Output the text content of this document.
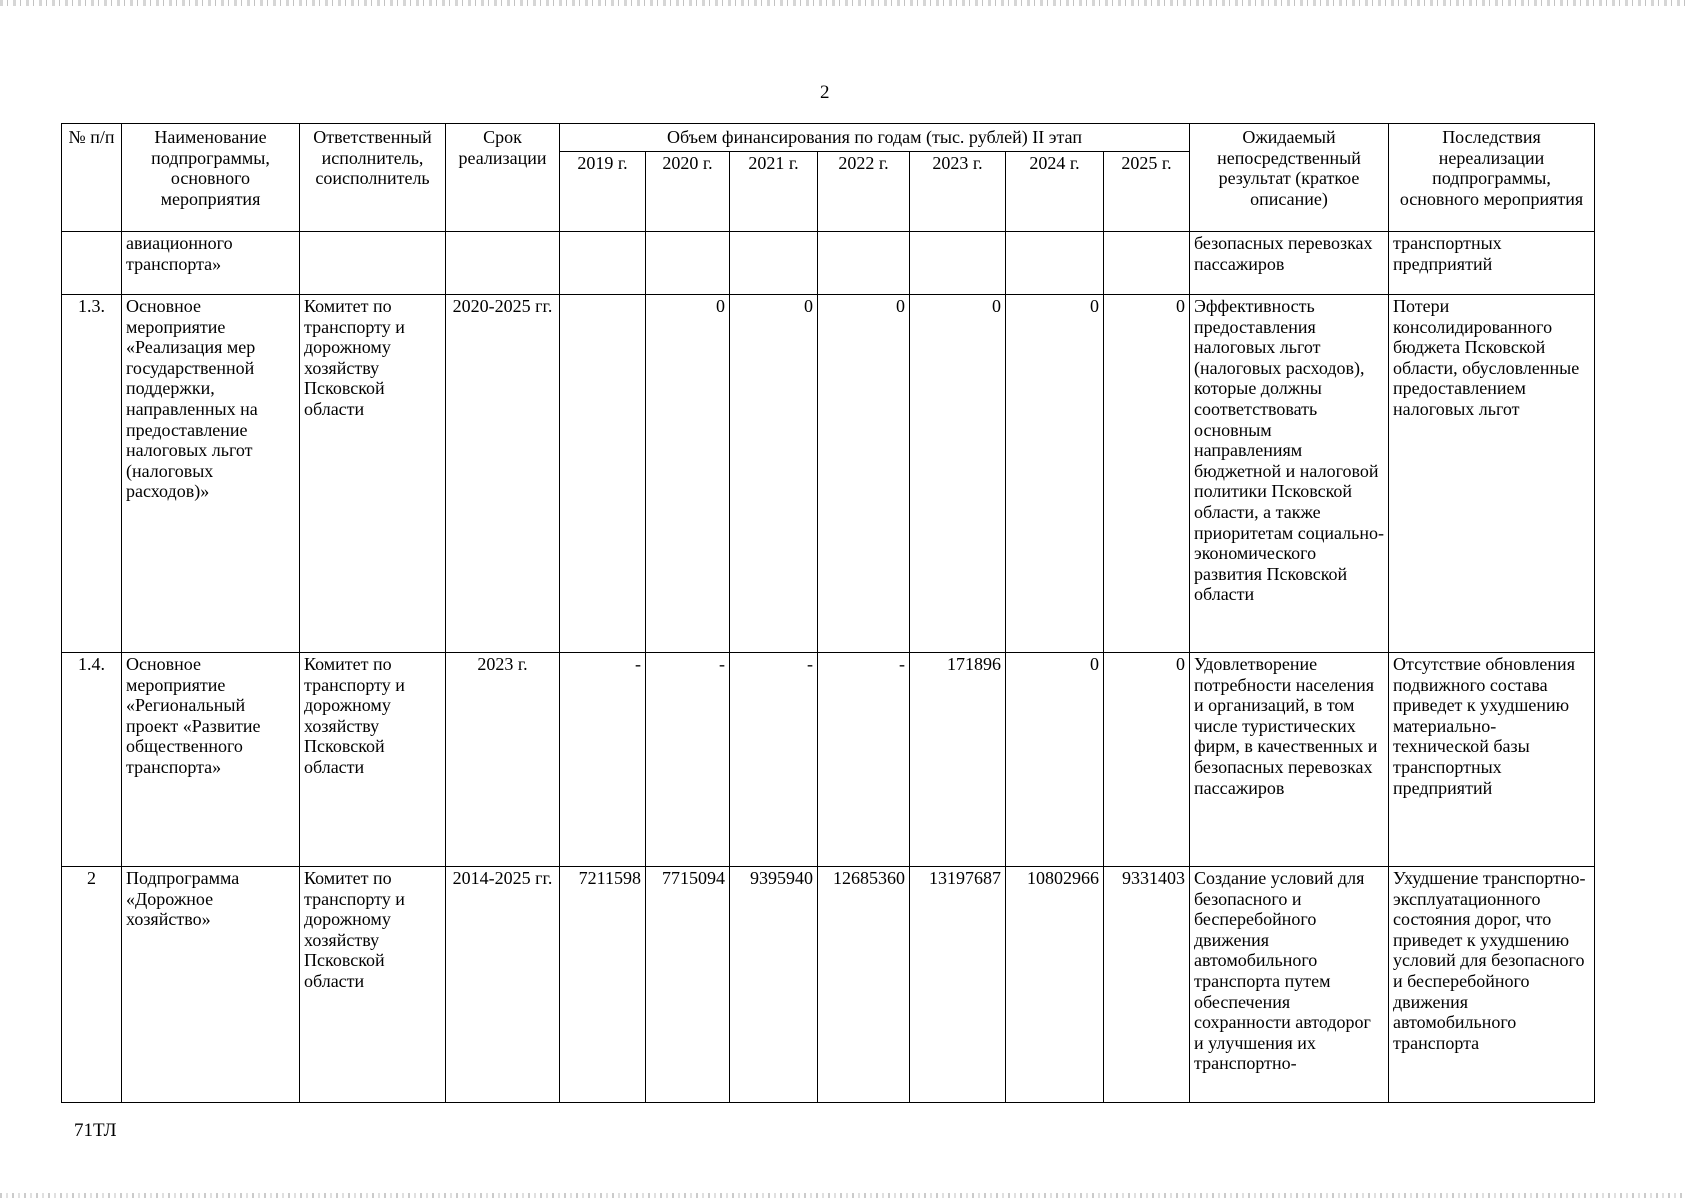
2
№ п/п	Наименование подпрограммы, основного мероприятия	Ответственный исполнитель, соисполнитель	Срок реализации	Объем финансирования по годам (тыс. рублей) II этап							Ожидаемый непосредственный результат (краткое описание)	Последствия нереализации подпрограммы, основного мероприятия
				2019 г.	2020 г.	2021 г.	2022 г.	2023 г.	2024 г.	2025 г.		
	авиационного транспорта»										безопасных перевозках пассажиров	транспортных предприятий
1.3.	Основное мероприятие «Реализация мер государственной поддержки, направленных на предоставление налоговых льгот (налоговых расходов)»	Комитет по транспорту и дорожному хозяйству Псковской области	2020-2025 гг.		0	0	0	0	0	0	Эффективность предоставления налоговых льгот (налоговых расходов), которые должны соответствовать основным направлениям бюджетной и налоговой политики Псковской области, а также приоритетам социально-экономического развития Псковской области	Потери консолидированного бюджета Псковской области, обусловленные предоставлением налоговых льгот
1.4.	Основное мероприятие «Региональный проект «Развитие общественного транспорта»	Комитет по транспорту и дорожному хозяйству Псковской области	2023 г.	-	-	-	-	171896	0	0	Удовлетворение потребности населения и организаций, в том числе туристических фирм, в качественных и безопасных перевозках пассажиров	Отсутствие обновления подвижного состава приведет к ухудшению материально-технической базы транспортных предприятий
2	Подпрограмма «Дорожное хозяйство»	Комитет по транспорту и дорожному хозяйству Псковской области	2014-2025 гг.	7211598	7715094	9395940	12685360	13197687	10802966	9331403	Создание условий для безопасного и бесперебойного движения автомобильного транспорта путем обеспечения сохранности автодорог и улучшения их транспортно-	Ухудшение транспортно-эксплуатационного состояния дорог, что приведет к ухудшению условий для безопасного и бесперебойного движения автомобильного транспорта
71ТЛ
